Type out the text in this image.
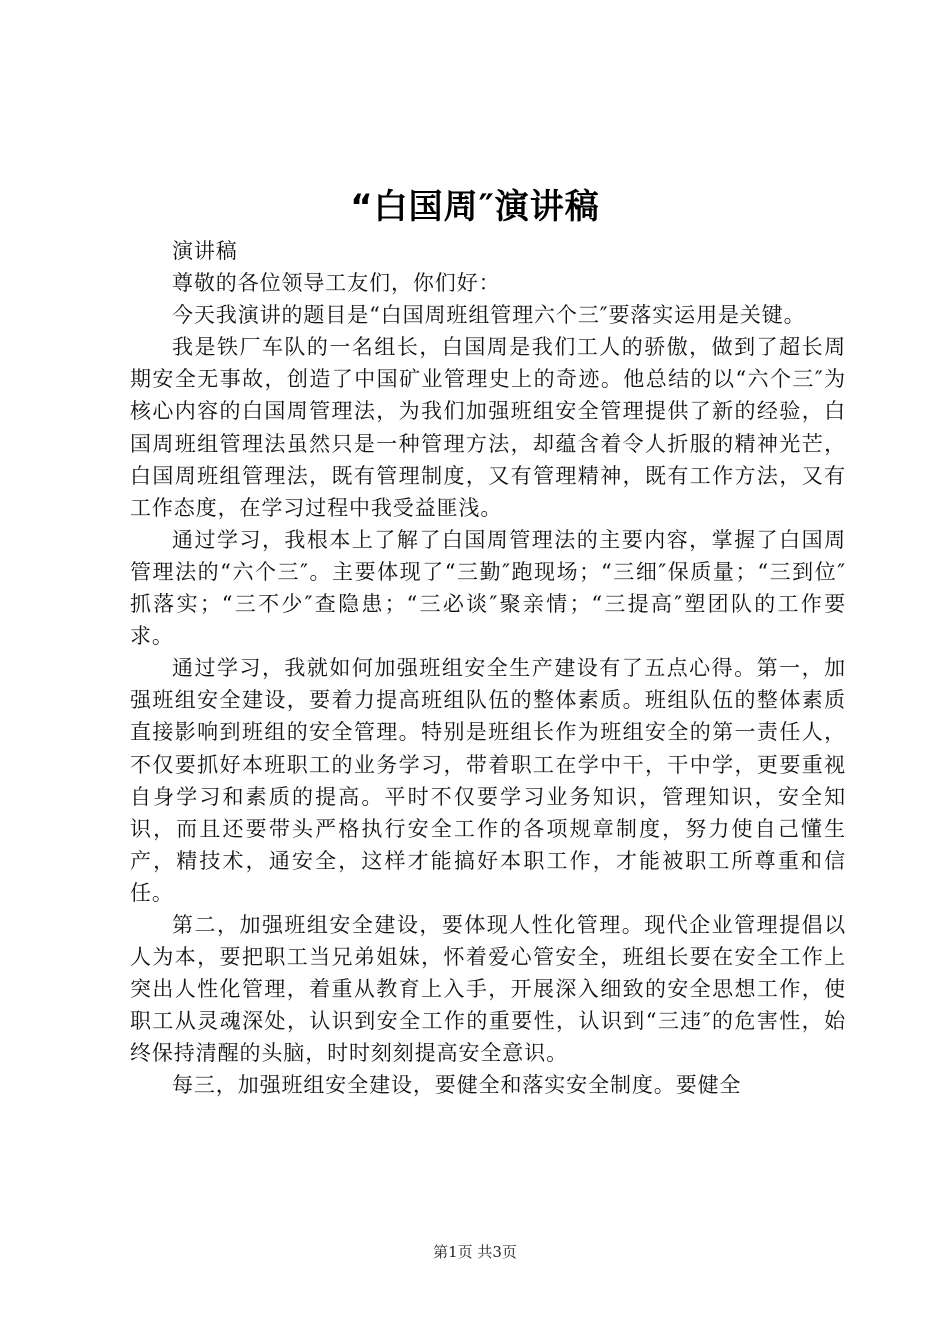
“白国周″演讲稿

演讲稿

尊敬的各位领导工友们，你们好：

今天我演讲的题目是“白国周班组管理六个三″要落实运用是关键。

我是铁厂车队的一名组长，白国周是我们工人的骄傲，做到了超长周期安全无事故，创造了中国矿业管理史上的奇迹。他总结的以“六个三″为核心内容的白国周管理法，为我们加强班组安全管理提供了新的经验，白国周班组管理法虽然只是一种管理方法，却蕴含着令人折服的精神光芒，白国周班组管理法，既有管理制度，又有管理精神，既有工作方法，又有工作态度，在学习过程中我受益匪浅。

通过学习，我根本上了解了白国周管理法的主要内容，掌握了白国周管理法的“六个三″。主要体现了“三勤″跑现场；“三细″保质量；“三到位″抓落实；“三不少″查隐患；“三必谈″聚亲情；“三提高″塑团队的工作要求。

通过学习，我就如何加强班组安全生产建设有了五点心得。第一，加强班组安全建设，要着力提高班组队伍的整体素质。班组队伍的整体素质直接影响到班组的安全管理。特别是班组长作为班组安全的第一责任人，不仅要抓好本班职工的业务学习，带着职工在学中干，干中学，更要重视自身学习和素质的提高。平时不仅要学习业务知识，管理知识，安全知识，而且还要带头严格执行安全工作的各项规章制度，努力使自己懂生产，精技术，通安全，这样才能搞好本职工作，才能被职工所尊重和信任。

第二，加强班组安全建设，要体现人性化管理。现代企业管理提倡以人为本，要把职工当兄弟姐妹，怀着爱心管安全，班组长要在安全工作上突出人性化管理，着重从教育上入手，开展深入细致的安全思想工作，使职工从灵魂深处，认识到安全工作的重要性，认识到“三违″的危害性，始终保持清醒的头脑，时时刻刻提高安全意识。

每三，加强班组安全建设，要健全和落实安全制度。要健全

第1页 共3页
